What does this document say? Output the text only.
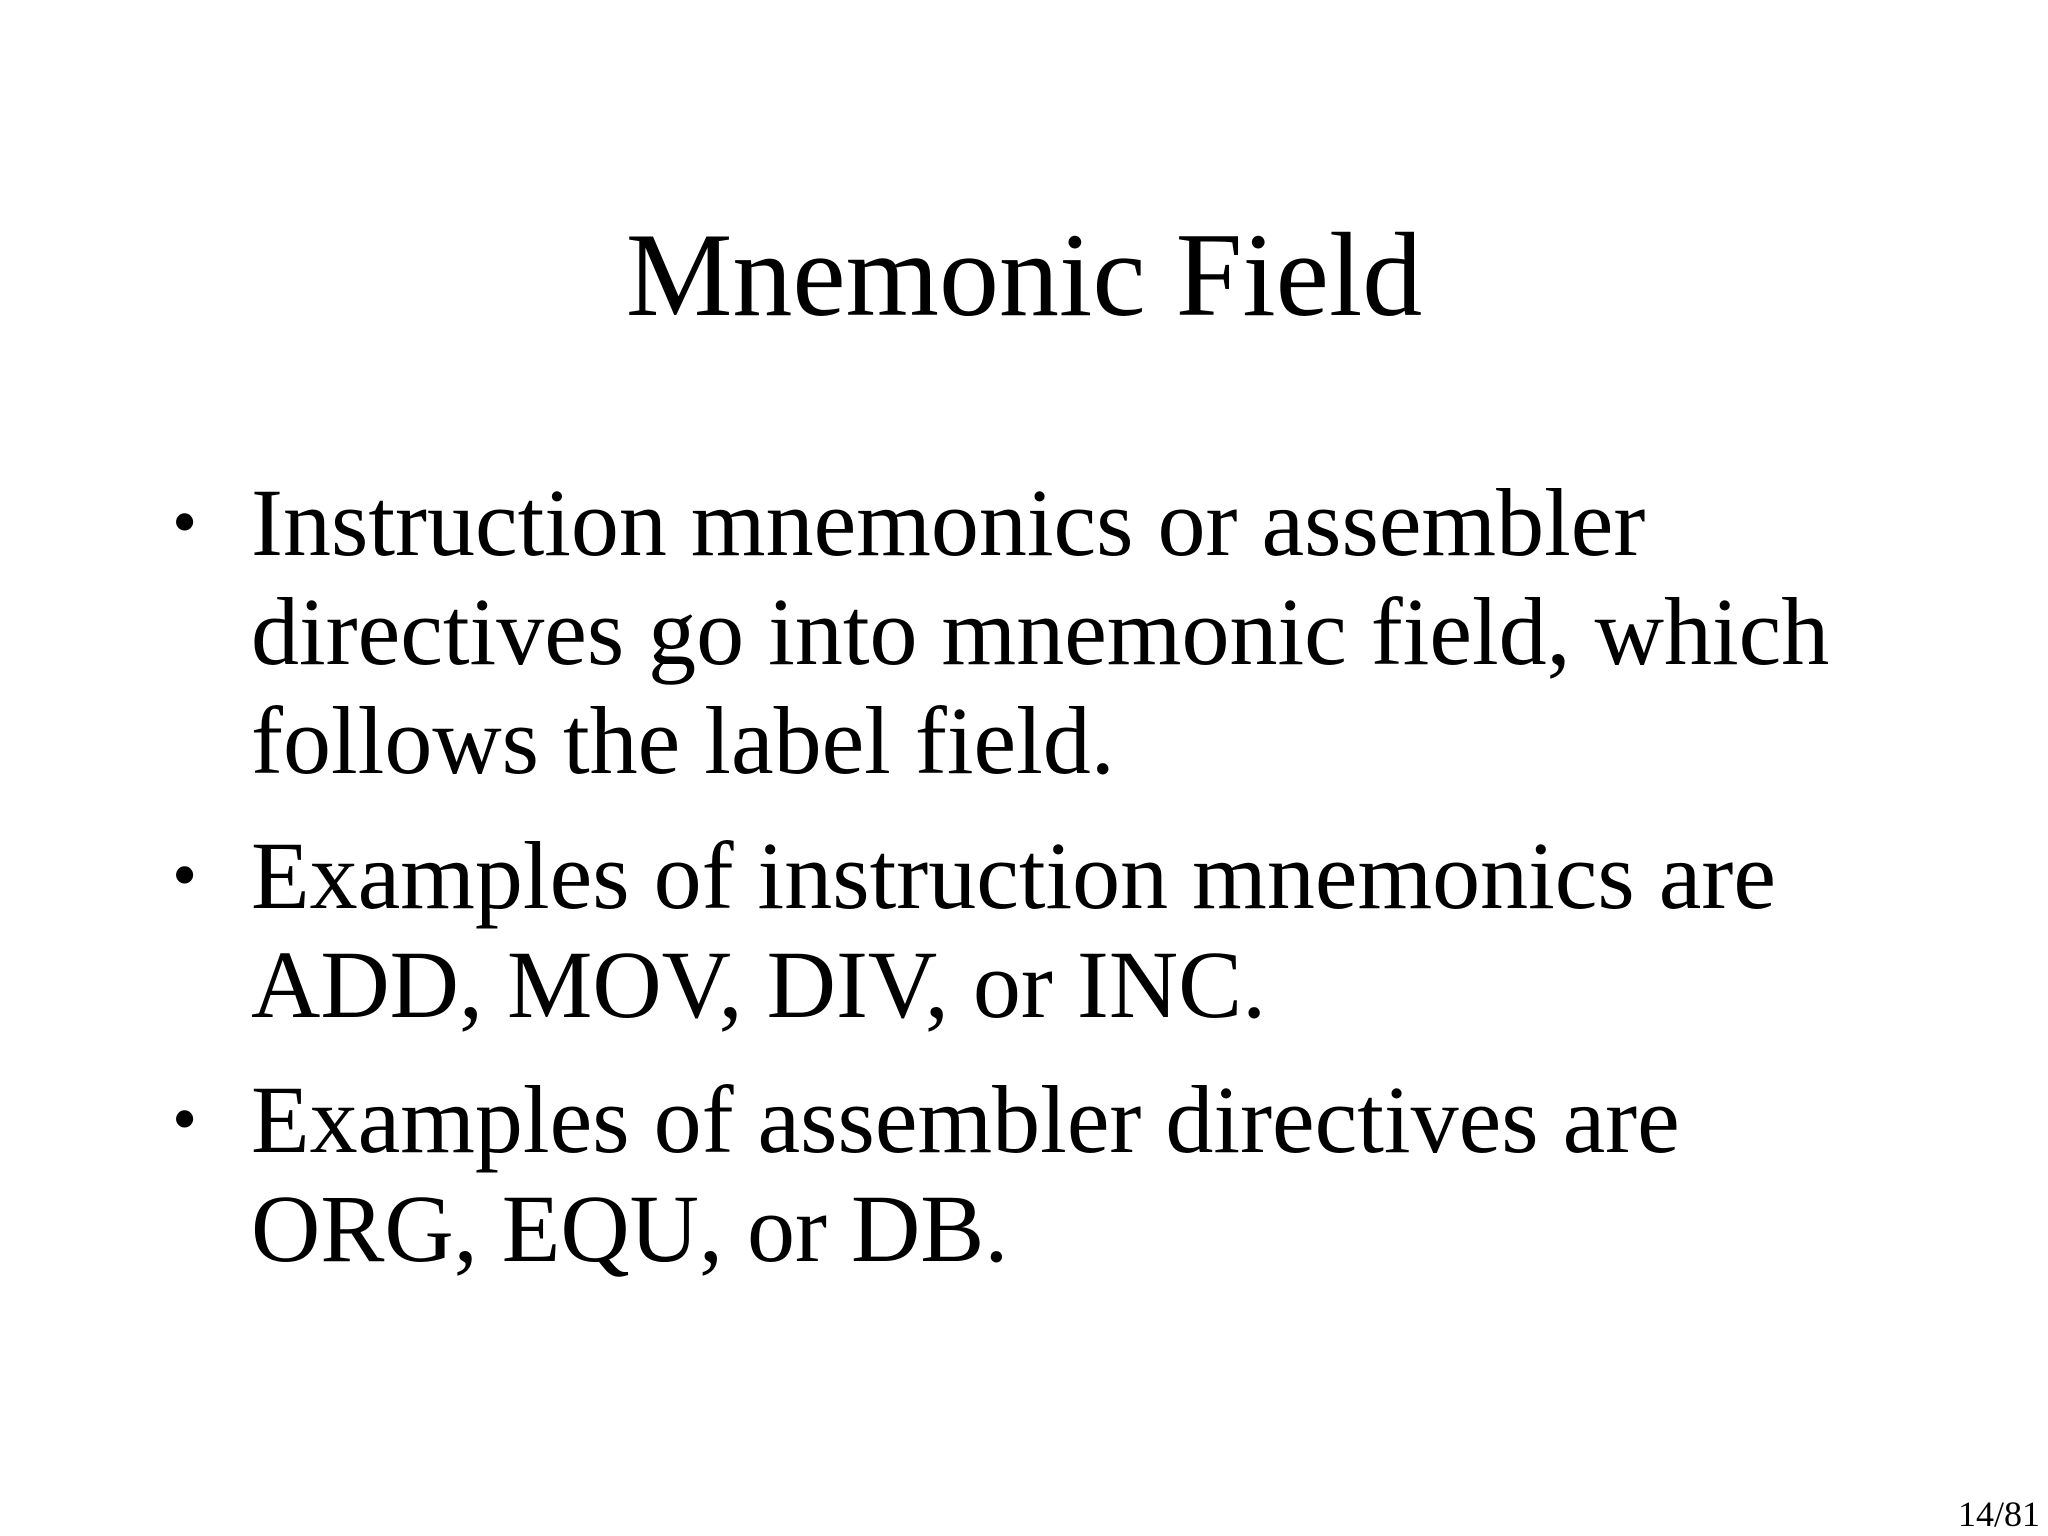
Mnemonic Field
• Instruction mnemonics or assembler directives go into mnemonic field, which follows the label field.
• Examples of instruction mnemonics are ADD, MOV, DIV, or INC.
• Examples of assembler directives are ORG, EQU, or DB.
14/81
